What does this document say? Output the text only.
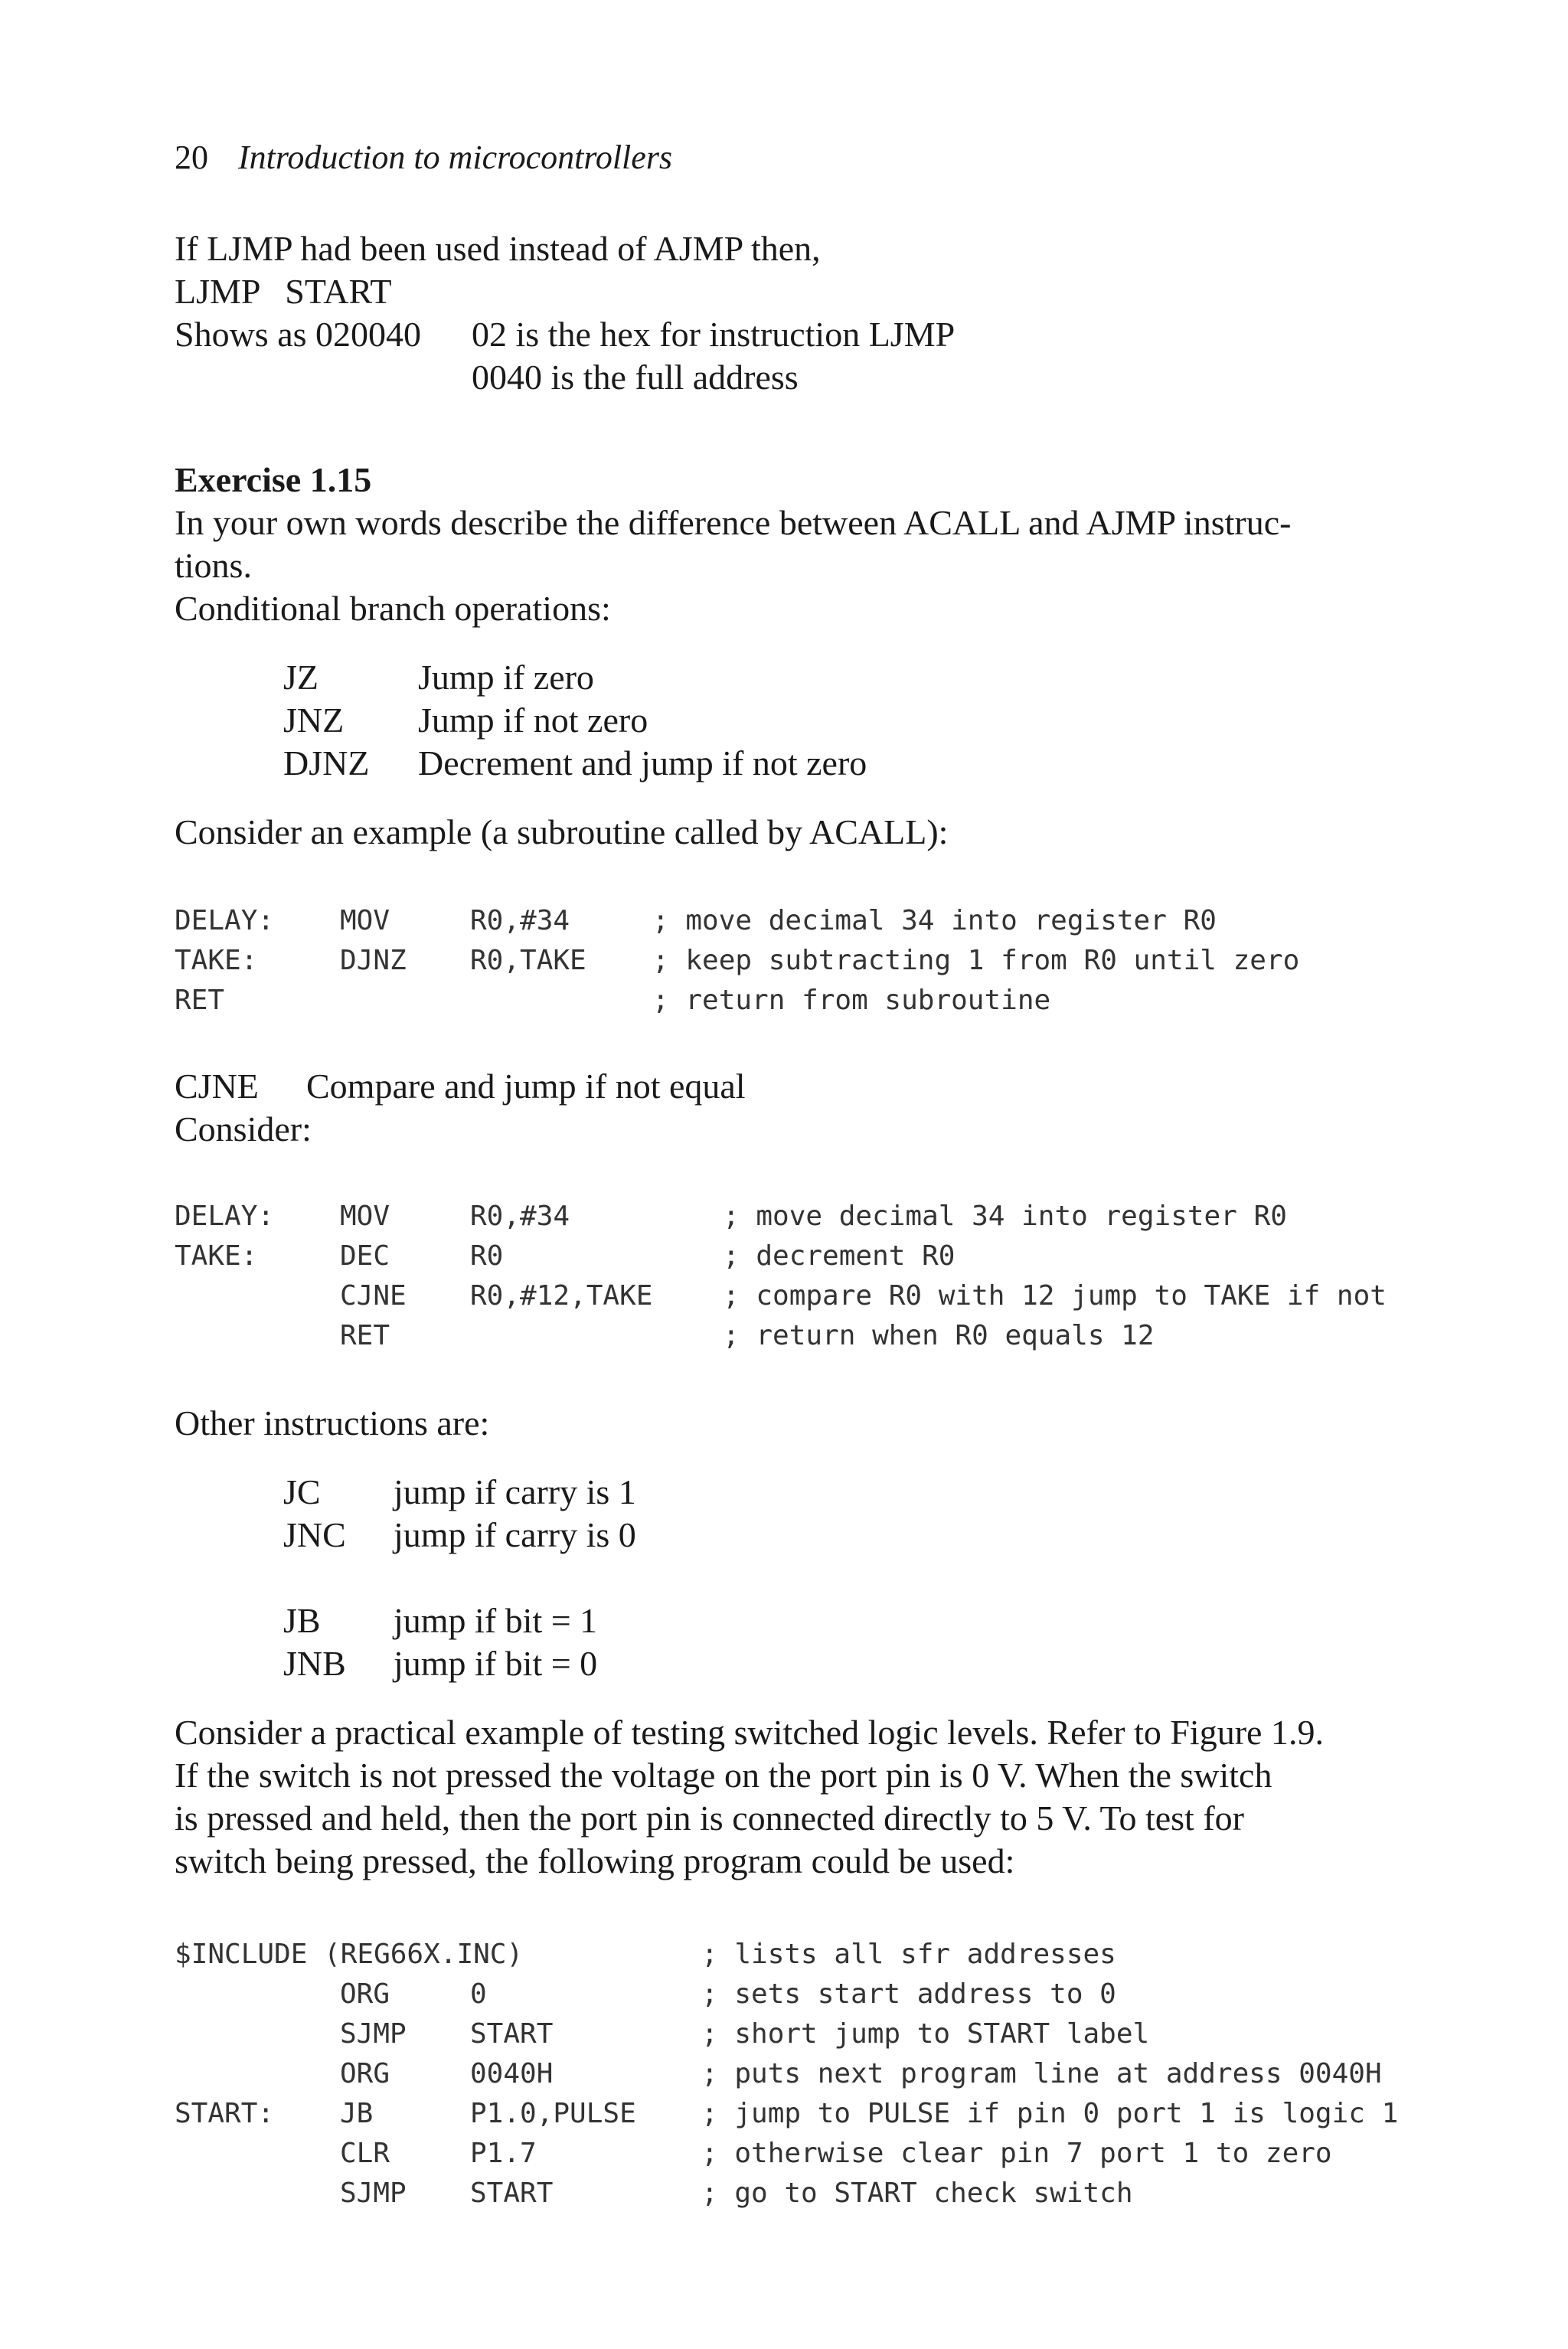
20 Introduction to microcontrollers
If LJMP had been used instead of AJMP then,
LJMP START
Shows as 020040 02 is the hex for instruction LJMP
0040 is the full address
Exercise 1.15
In your own words describe the difference between ACALL and AJMP instruc-
tions.
Conditional branch operations:
JZ	Jump if zero
JNZ Jump if not zero
DJNZ Decrement and jump if not zero
Consider an example (a subroutine called by ACALL):
DELAY: MOV	R0,#34	; move decimal 34 into register R0
TAKE:	DJNZ R0,TAKE ; keep subtracting 1 from R0 until zero
RET	; return from subroutine
CJNE Compare and jump if not equal
Consider:
DELAY: MOV	R0,#34	; move decimal 34 into register R0
TAKE:	DEC	R0	; decrement R0
CJNE R0,#12,TAKE	; compare R0 with 12 jump to TAKE if not
RET	; return when R0 equals 12
Other instructions are:
JC jump if carry is 1
JNC jump if carry is 0
JB jump if bit = 1
JNB jump if bit = 0
Consider a practical example of testing switched logic levels. Refer to Figure 1.9.
If the switch is not pressed the voltage on the port pin is 0 V. When the switch
is pressed and held, then the port pin is connected directly to 5 V. To test for
switch being pressed, the following program could be used:
$INCLUDE (REG66X.INC)	; lists all sfr addresses
ORG	0	; sets start address to 0
SJMP START	; short jump to START label
ORG	0040H	; puts next program line at address 0040H
START: JB	P1.0,PULSE ; jump to PULSE if pin 0 port 1 is logic 1
CLR	P1.7	; otherwise clear pin 7 port 1 to zero
SJMP START	; go to START check switch
